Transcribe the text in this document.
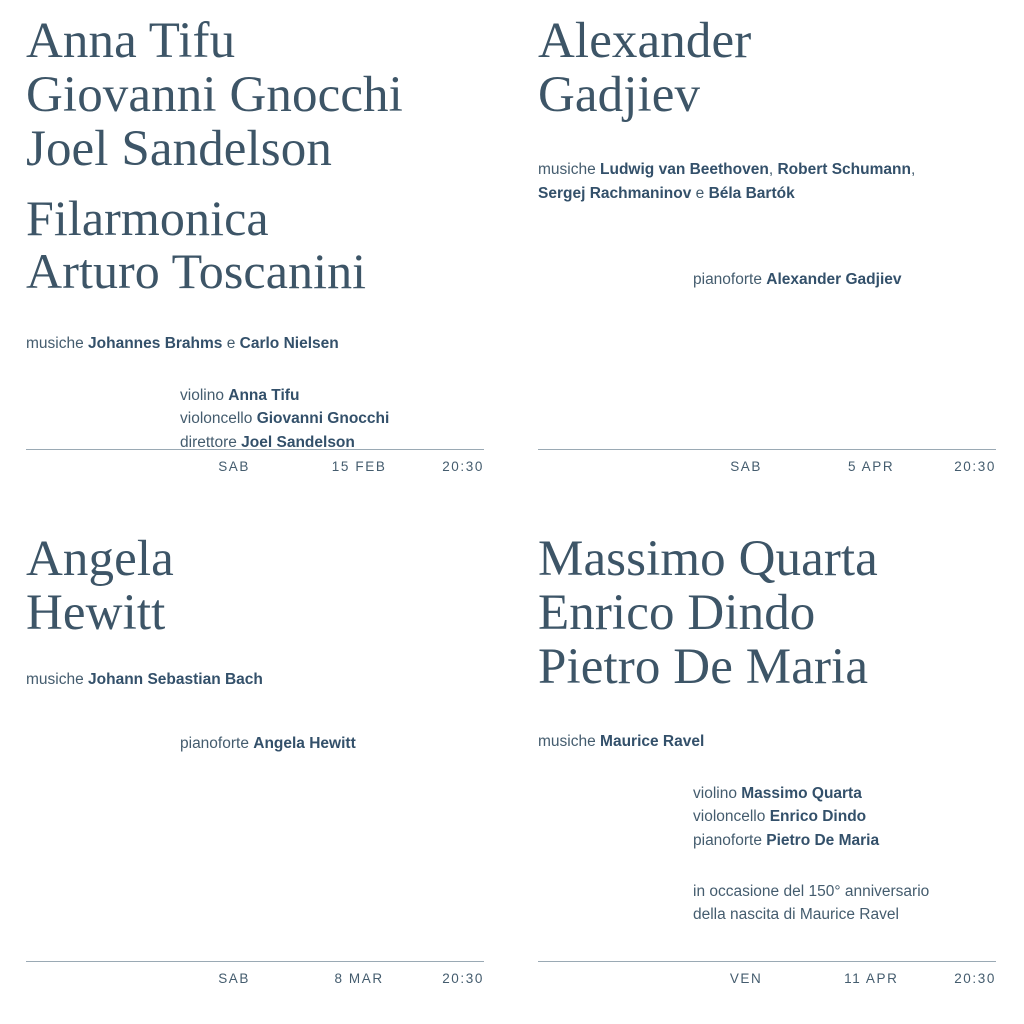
Anna Tifu
Giovanni Gnocchi
Joel Sandelson
Filarmonica
Arturo Toscanini
musiche Johannes Brahms e Carlo Nielsen
violino Anna Tifu
violoncello Giovanni Gnocchi
direttore Joel Sandelson
SAB	15 FEB	20:30
Alexander
Gadjiev
musiche Ludwig van Beethoven, Robert Schumann, Sergej Rachmaninov e Béla Bartók
pianoforte Alexander Gadjiev
SAB	5 APR	20:30
Angela
Hewitt
musiche Johann Sebastian Bach
pianoforte Angela Hewitt
SAB	8 MAR	20:30
Massimo Quarta
Enrico Dindo
Pietro De Maria
musiche Maurice Ravel
violino Massimo Quarta
violoncello Enrico Dindo
pianoforte Pietro De Maria
in occasione del 150° anniversario
della nascita di Maurice Ravel
VEN	11 APR	20:30
